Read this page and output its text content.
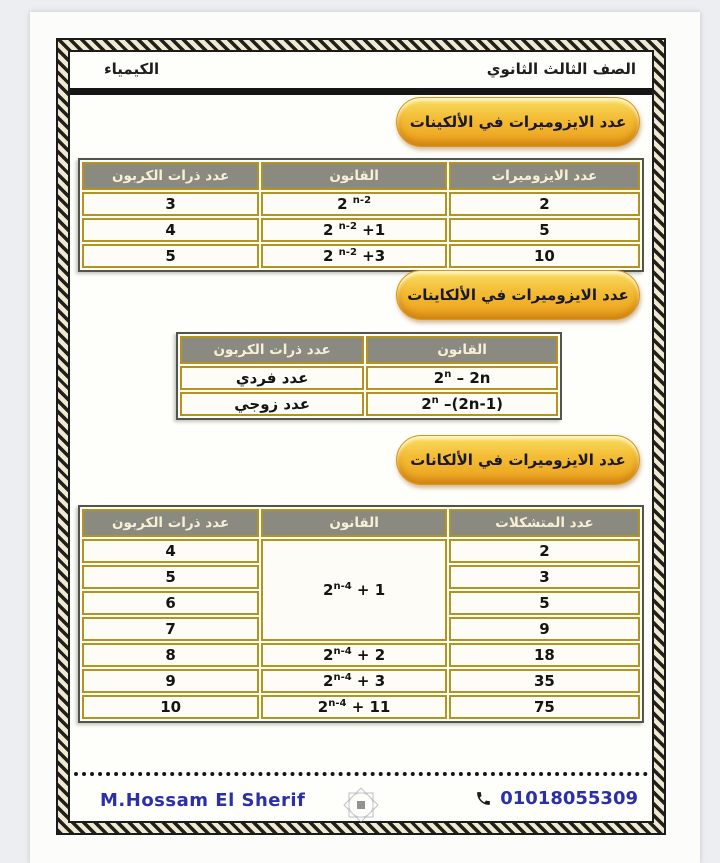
الصف الثالث الثانوي
الكيمياء
عدد الايزوميرات في الألكينات
عدد الايزوميرات	القانون	عدد ذرات الكربون
2	2 $^{n-2}$	3
5	2 $^{n-2}$ +1	4
10	2 $^{n-2}$ +3	5
عدد الايزوميرات في الألكاينات
القانون	عدد ذرات الكربون
2$^n$ – 2n	عدد فردي
2$^n$ –(2n-1)	عدد زوجي
عدد الايزوميرات في الألكانات
عدد المتشكلات	القانون	عدد ذرات الكربون
2	$2^{n-4} + 1$	4
3		5
5		6
9		7
18	$2^{n-4} + 2$	8
35	$2^{n-4} + 3$	9
75	$2^{n-4} + 11$	10
M.Hossam El Sherif	01018055309
